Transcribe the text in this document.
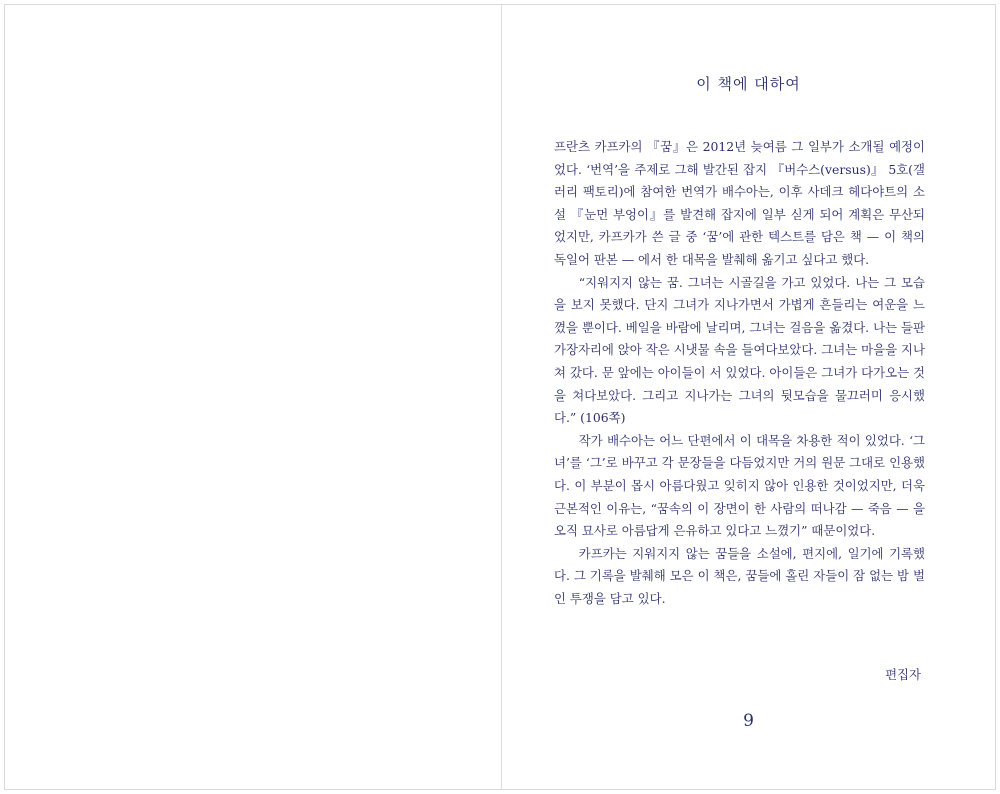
이 책에 대하여

프란츠 카프카의 『꿈』은 2012년 늦여름 그 일부가 소개될 예정이었다. ‘번역’을 주제로 그해 발간된 잡지 『버수스(versus)』 5호(갤러리 팩토리)에 참여한 번역가 배수아는, 이후 사데크 헤다야트의 소설 『눈먼 부엉이』를 발견해 잡지에 일부 싣게 되어 계획은 무산되었지만, 카프카가 쓴 글 중 ‘꿈’에 관한 텍스트를 담은 책 — 이 책의 독일어 판본 — 에서 한 대목을 발췌해 옮기고 싶다고 했다.

“지워지지 않는 꿈. 그녀는 시골길을 가고 있었다. 나는 그 모습을 보지 못했다. 단지 그녀가 지나가면서 가볍게 흔들리는 여운을 느꼈을 뿐이다. 베일을 바람에 날리며, 그녀는 걸음을 옮겼다. 나는 들판 가장자리에 앉아 작은 시냇물 속을 들여다보았다. 그녀는 마을을 지나쳐 갔다. 문 앞에는 아이들이 서 있었다. 아이들은 그녀가 다가오는 것을 쳐다보았다. 그리고 지나가는 그녀의 뒷모습을 물끄러미 응시했다.” (106쪽)

작가 배수아는 어느 단편에서 이 대목을 차용한 적이 있었다. ‘그녀’를 ‘그’로 바꾸고 각 문장들을 다듬었지만 거의 원문 그대로 인용했다. 이 부분이 몹시 아름다웠고 잊히지 않아 인용한 것이었지만, 더욱 근본적인 이유는, “꿈속의 이 장면이 한 사람의 떠나감 — 죽음 — 을 오직 묘사로 아름답게 은유하고 있다고 느꼈기” 때문이었다.

카프카는 지워지지 않는 꿈들을 소설에, 편지에, 일기에 기록했다. 그 기록을 발췌해 모은 이 책은, 꿈들에 홀린 자들이 잠 없는 밤 벌인 투쟁을 담고 있다.

편집자
9
